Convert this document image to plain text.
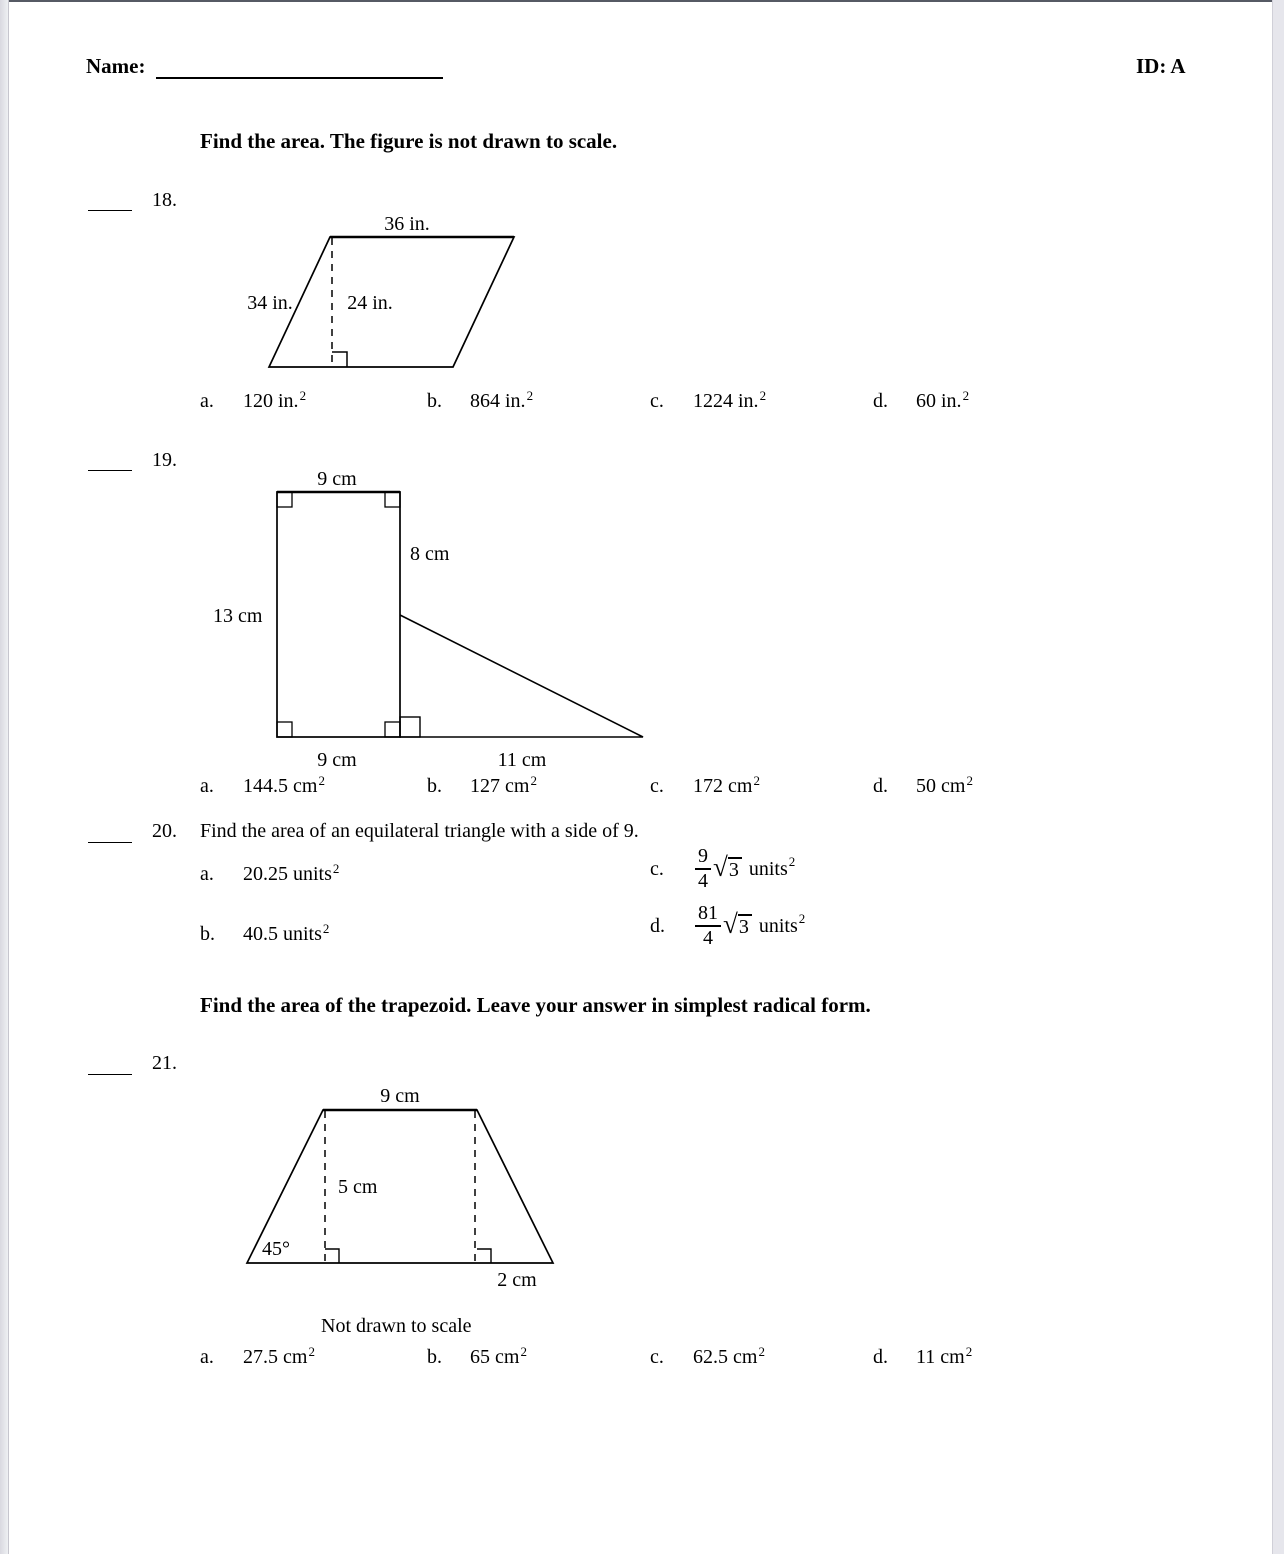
Name:	ID: A
Find the area. The figure is not drawn to scale.
18.
36 in.
34 in.	24 in.
a. 120 in.$^2$	b. 864 in.$^2$	c. 1224 in.$^2$	d. 60 in.$^2$
19.
9 cm
8 cm
13 cm
9 cm	11 cm
a. 144.5 $cm^2$	b. 127 $cm^2$	c. 172 $cm^2$	d. 50 $cm^2$
20. Find the area of an equilateral triangle with a side of 9.
a. 20.25 units$^2$
b. 40.5 units$^2$
c.	$\frac{9}{4}$ √ 3 units 2
d.	$\frac{81}{4}$ √ 3 units 2
Find the area of the trapezoid. Leave your answer in simplest radical form.
21.
9 cm
5 cm
45°
2 cm
Not drawn to scale
a. 27.5 $cm^2$	b. 65 $cm^2$	c. 62.5 $cm^2$	d. 11 $cm^2$
